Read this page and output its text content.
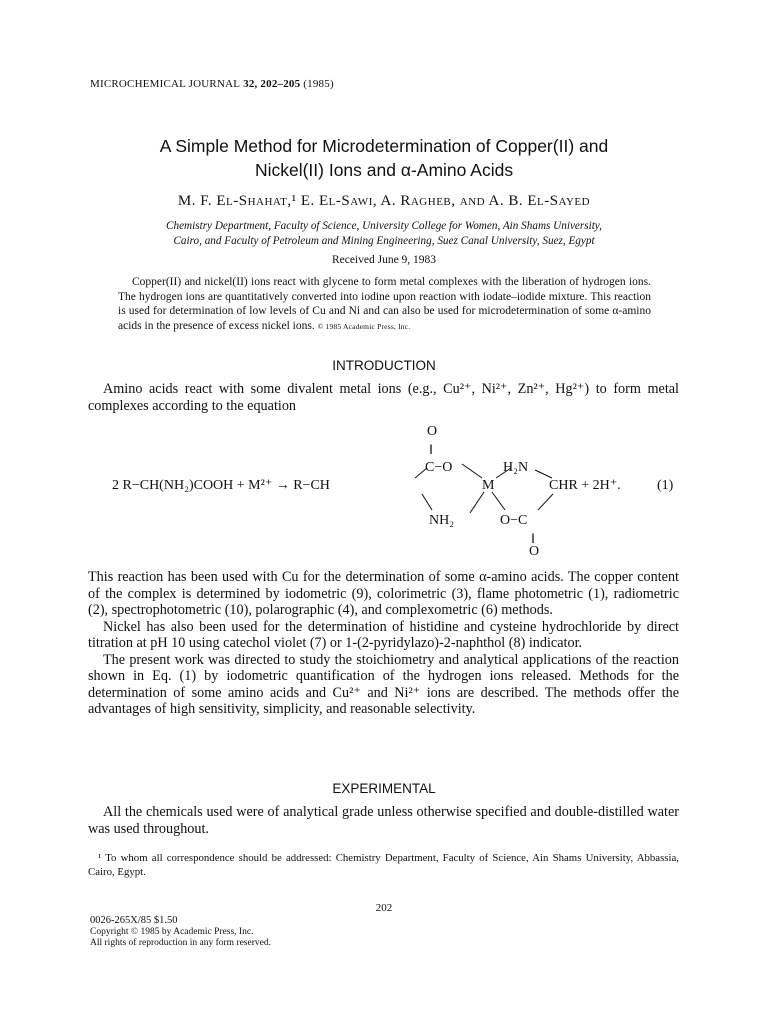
MICROCHEMICAL JOURNAL 32, 202–205 (1985)
A Simple Method for Microdetermination of Copper(II) and
Nickel(II) Ions and α-Amino Acids
M. F. El-Shahat,¹ E. El-Sawi, A. Ragheb, and A. B. El-Sayed
Chemistry Department, Faculty of Science, University College for Women, Ain Shams University,
Cairo, and Faculty of Petroleum and Mining Engineering, Suez Canal University, Suez, Egypt
Received June 9, 1983
Copper(II) and nickel(II) ions react with glycene to form metal complexes with the liberation of hydrogen ions. The hydrogen ions are quantitatively converted into iodine upon reaction with iodate–iodide mixture. This reaction is used for determination of low levels of Cu and Ni and can also be used for microdetermination of some α-amino acids in the presence of excess nickel ions. © 1985 Academic Press, Inc.
INTRODUCTION

Amino acids react with some divalent metal ions (e.g., Cu²⁺, Ni²⁺, Zn²⁺, Hg²⁺) to form metal complexes according to the equation

O
‖
C−O	H₂N
2 R−CH(NH₂)COOH + M²⁺ → R−CH	M	CHR + 2H⁺.	(1)
NH₂	O−C
‖
O

This reaction has been used with Cu for the determination of some α-amino acids. The copper content of the complex is determined by iodometric (9), colorimetric (3), flame photometric (1), radiometric (2), spectrophotometric (10), polarographic (4), and complexometric (6) methods.

Nickel has also been used for the determination of histidine and cysteine hydrochloride by direct titration at pH 10 using catechol violet (7) or 1-(2-pyridylazo)-2-naphthol (8) indicator.

The present work was directed to study the stoichiometry and analytical applications of the reaction shown in Eq. (1) by iodometric quantification of the hydrogen ions released. Methods for the determination of some amino acids and Cu²⁺ and Ni²⁺ ions are described. The methods offer the advantages of high sensitivity, simplicity, and reasonable selectivity.

EXPERIMENTAL

All the chemicals used were of analytical grade unless otherwise specified and double-distilled water was used throughout.

¹ To whom all correspondence should be addressed: Chemistry Department, Faculty of Science, Ain Shams University, Abbassia, Cairo, Egypt.
202
0026-265X/85 $1.50
Copyright © 1985 by Academic Press, Inc.
All rights of reproduction in any form reserved.
